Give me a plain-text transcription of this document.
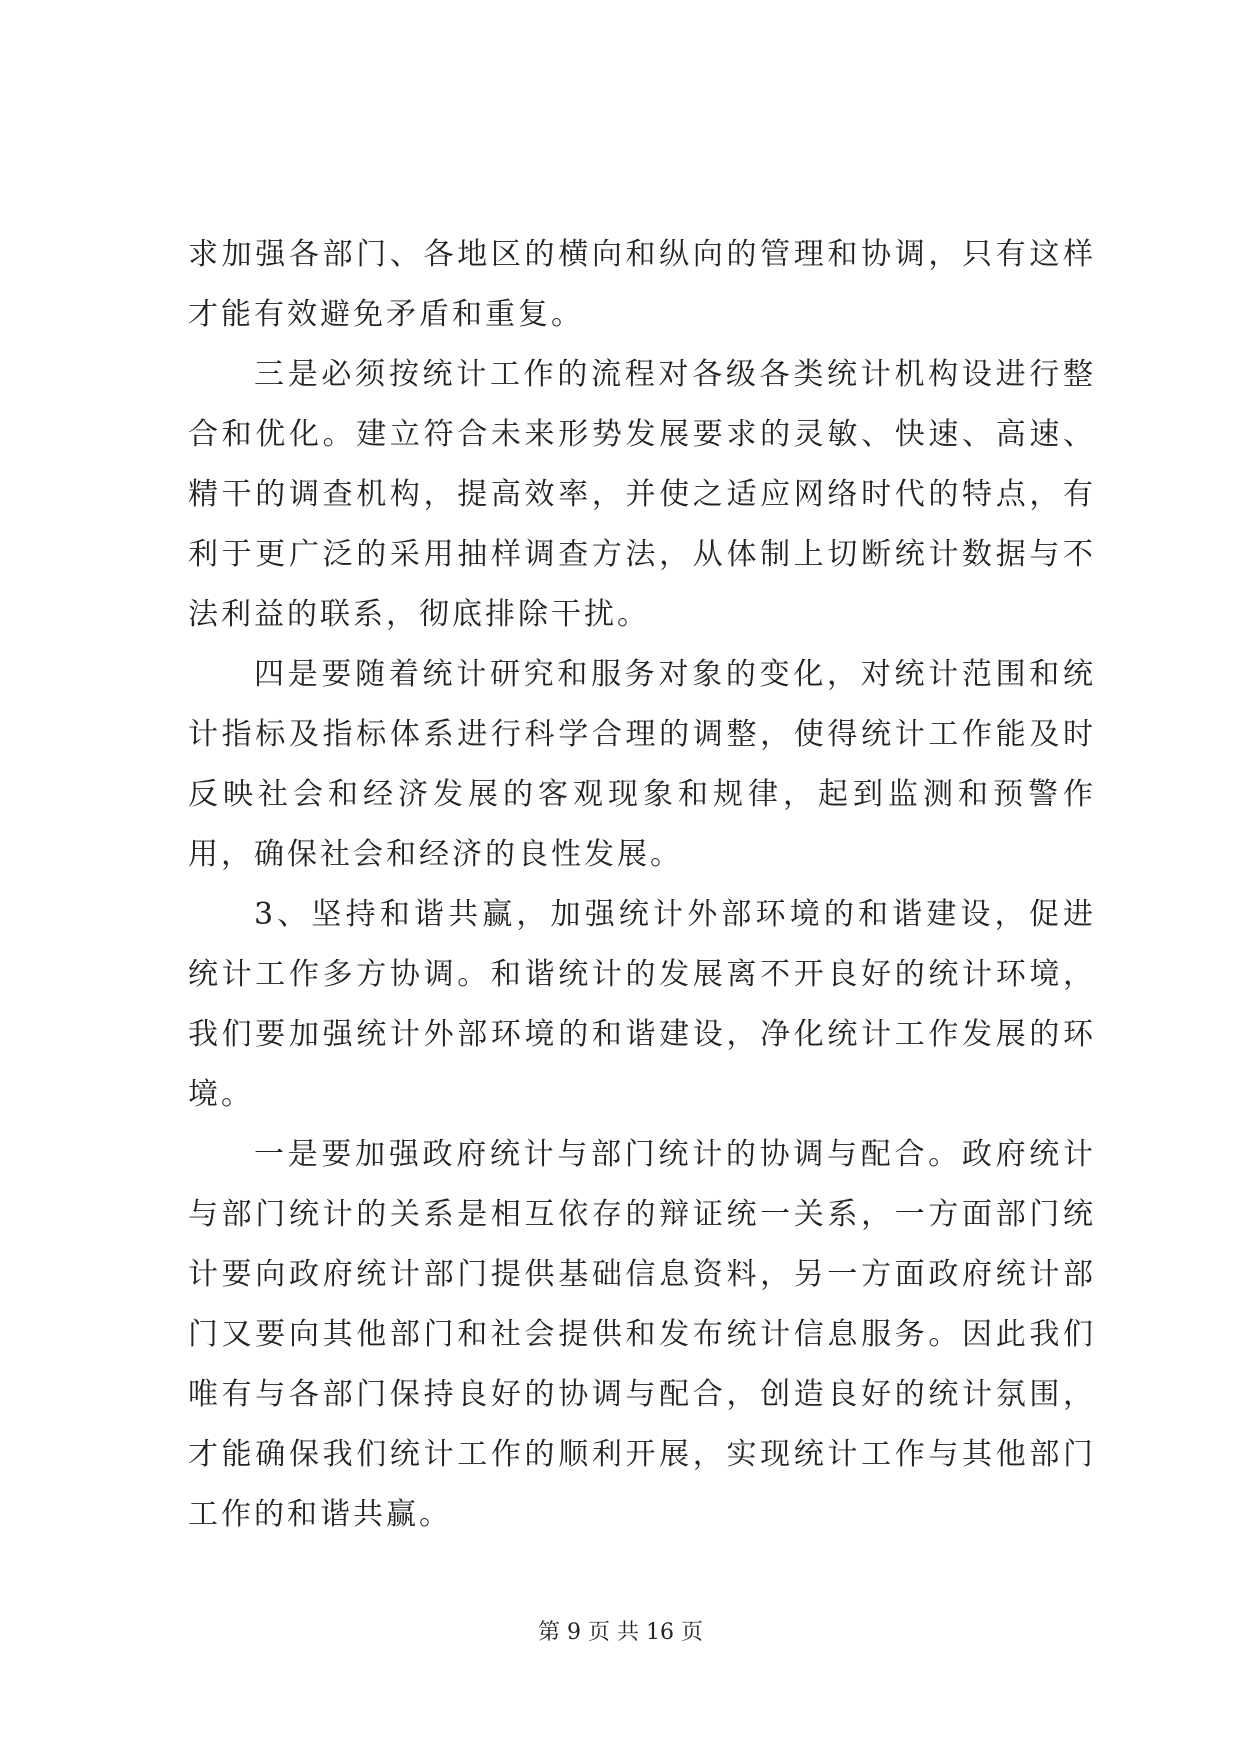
求加强各部门、各地区的横向和纵向的管理和协调，只有这样才能有效避免矛盾和重复。

三是必须按统计工作的流程对各级各类统计机构设进行整合和优化。建立符合未来形势发展要求的灵敏、快速、高速、精干的调查机构，提高效率，并使之适应网络时代的特点，有利于更广泛的采用抽样调查方法，从体制上切断统计数据与不法利益的联系，彻底排除干扰。

四是要随着统计研究和服务对象的变化，对统计范围和统计指标及指标体系进行科学合理的调整，使得统计工作能及时反映社会和经济发展的客观现象和规律，起到监测和预警作用，确保社会和经济的良性发展。

3、坚持和谐共赢，加强统计外部环境的和谐建设，促进统计工作多方协调。和谐统计的发展离不开良好的统计环境，我们要加强统计外部环境的和谐建设，净化统计工作发展的环境。

一是要加强政府统计与部门统计的协调与配合。政府统计与部门统计的关系是相互依存的辩证统一关系，一方面部门统计要向政府统计部门提供基础信息资料，另一方面政府统计部门又要向其他部门和社会提供和发布统计信息服务。因此我们唯有与各部门保持良好的协调与配合，创造良好的统计氛围，才能确保我们统计工作的顺利开展，实现统计工作与其他部门工作的和谐共赢。

第 9 页 共 16 页
